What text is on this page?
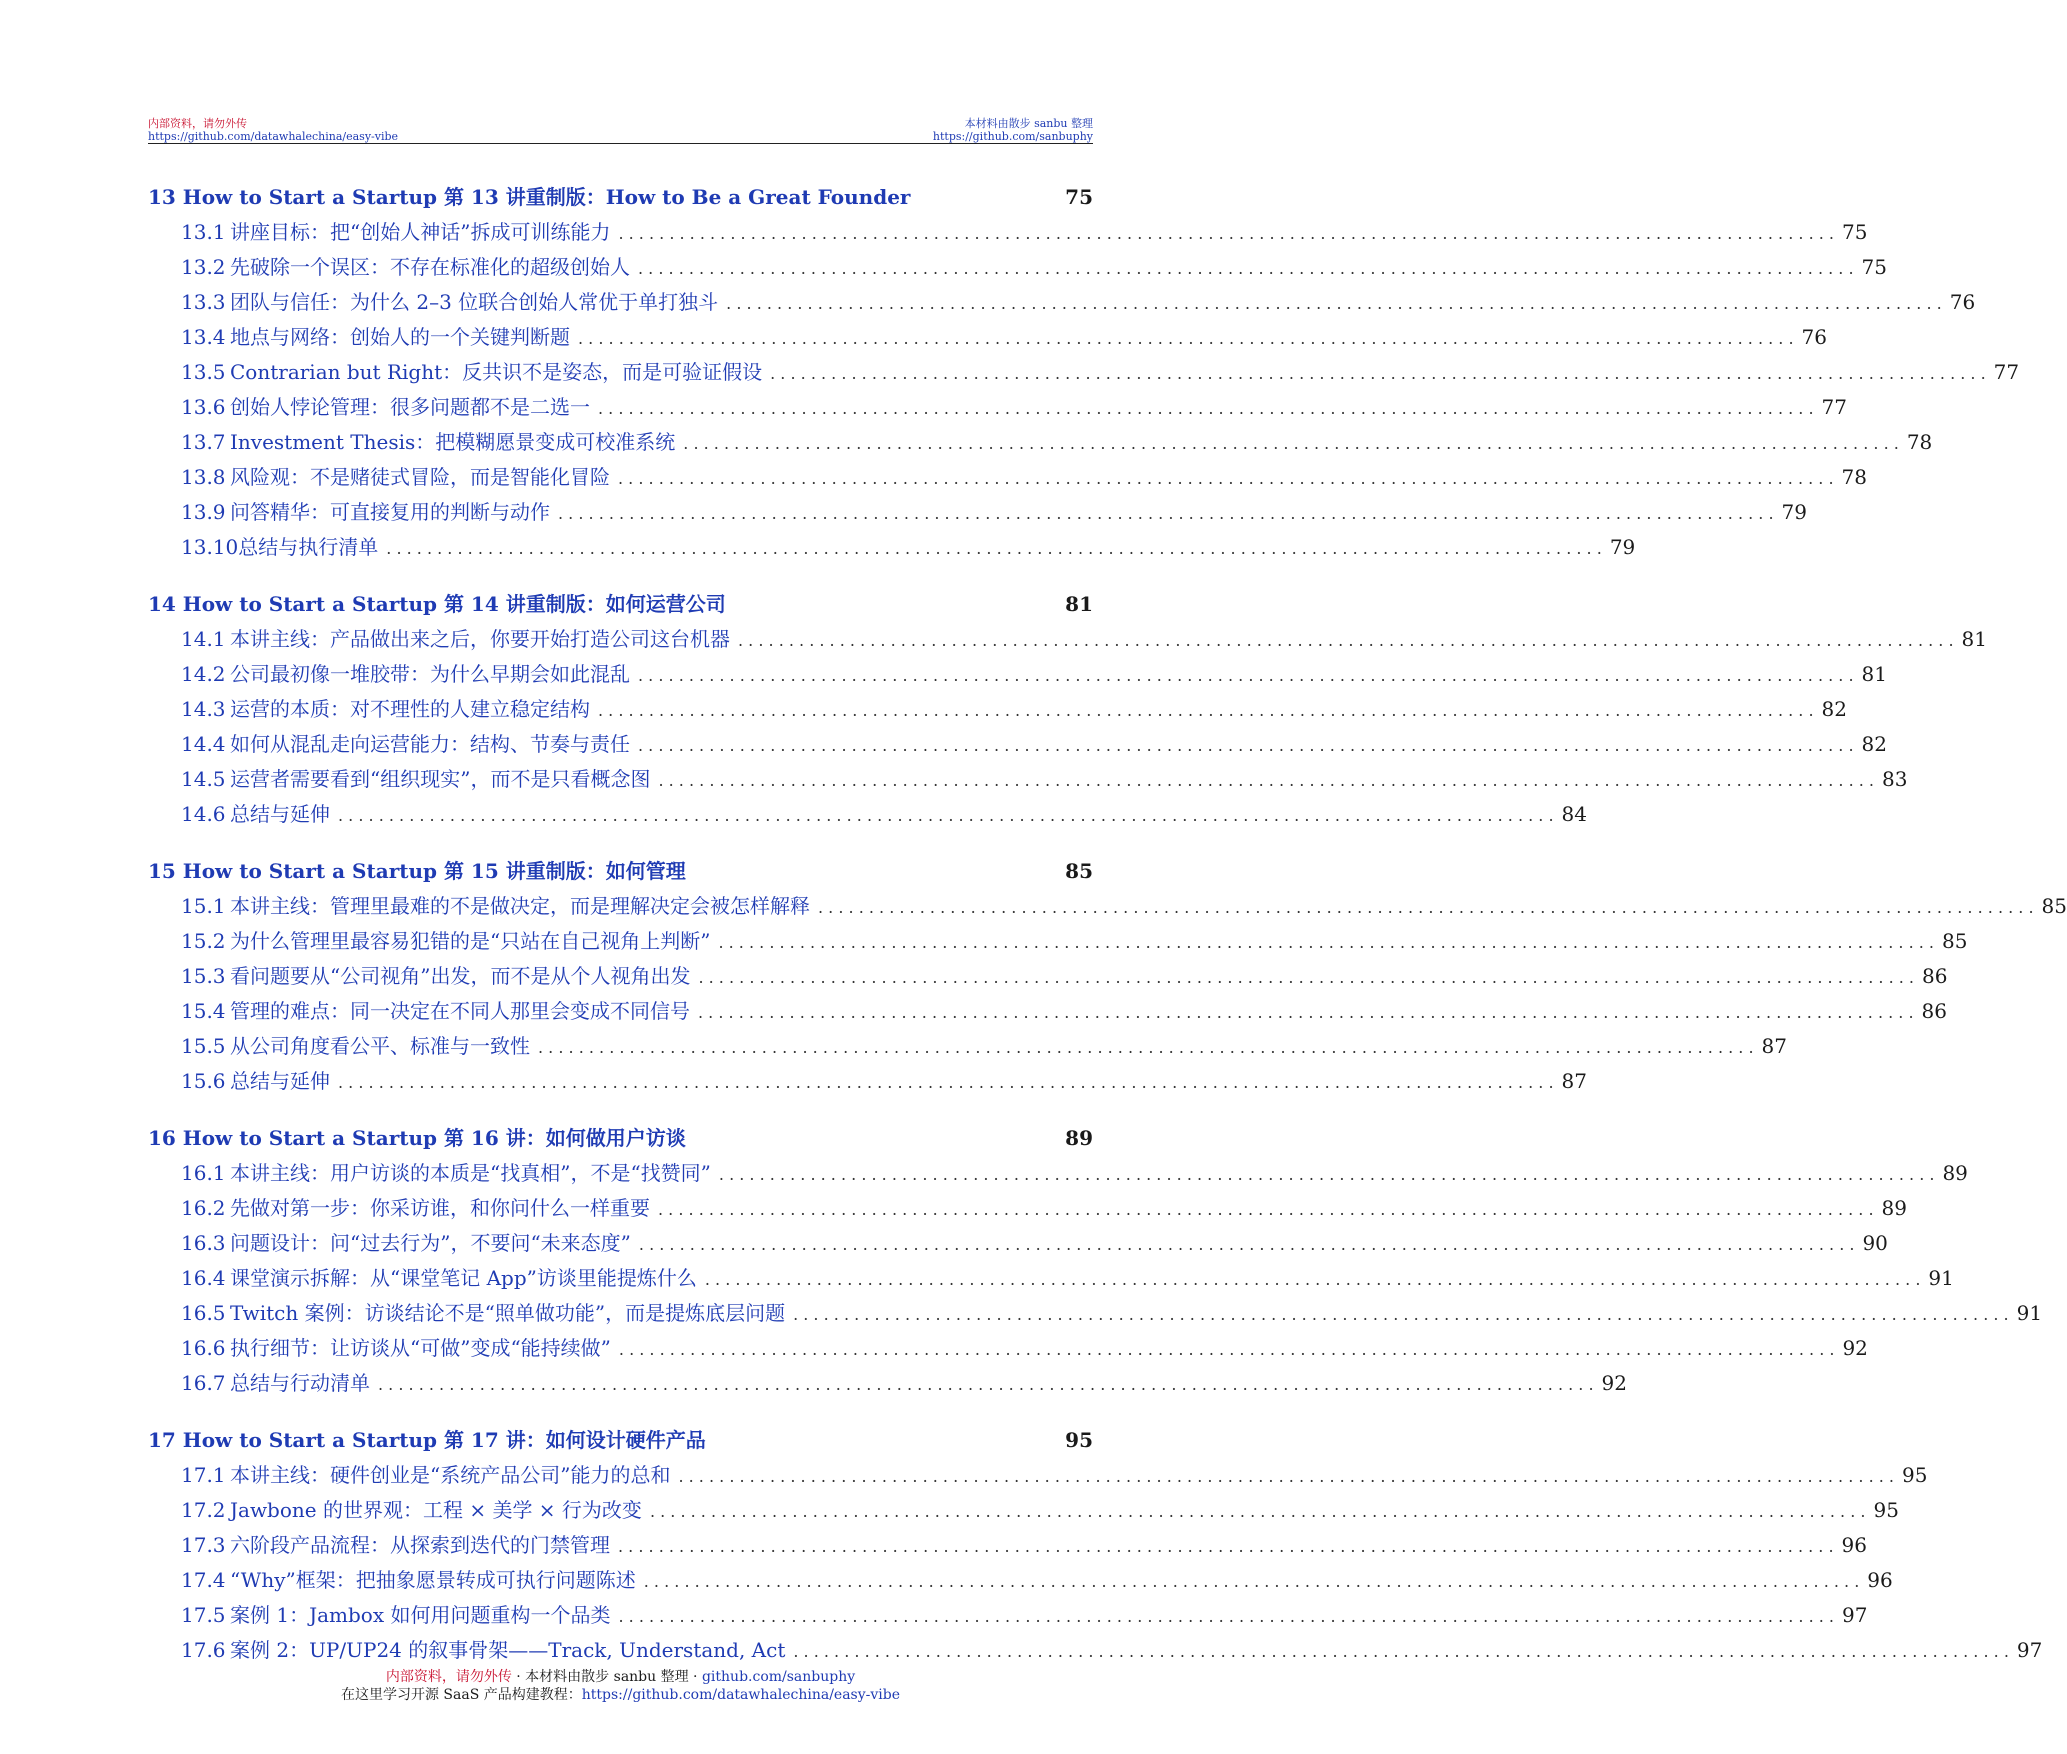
内部资料，请勿外传
https://github.com/datawhalechina/easy-vibe
本材料由散步 sanbu 整理
https://github.com/sanbuphy
13 How to Start a Startup 第 13 讲重制版：How to Be a Great Founder	75
13.1 讲座目标：把“创始人神话”拆成可训练能力 . . . . . . . . . . . . . . . . . . . . . . . . . . . . . . . . . . . . . . . . . . . . . . . . . . . . . . . . . . . . . . . . . . . . . . . . . . . . . . . . . . . . . . . . . . . . . . . . . . . . . . . . . . . . . . . . . . . . . . . . 75
13.2 先破除一个误区：不存在标准化的超级创始人 . . . . . . . . . . . . . . . . . . . . . . . . . . . . . . . . . . . . . . . . . . . . . . . . . . . . . . . . . . . . . . . . . . . . . . . . . . . . . . . . . . . . . . . . . . . . . . . . . . . . . . . . . . . . . . . . . . . . . . . . 75
13.3 团队与信任：为什么 2–3 位联合创始人常优于单打独斗 . . . . . . . . . . . . . . . . . . . . . . . . . . . . . . . . . . . . . . . . . . . . . . . . . . . . . . . . . . . . . . . . . . . . . . . . . . . . . . . . . . . . . . . . . . . . . . . . . . . . . . . . . . . . . . . . . . . . . . . . 76
13.4 地点与网络：创始人的一个关键判断题 . . . . . . . . . . . . . . . . . . . . . . . . . . . . . . . . . . . . . . . . . . . . . . . . . . . . . . . . . . . . . . . . . . . . . . . . . . . . . . . . . . . . . . . . . . . . . . . . . . . . . . . . . . . . . . . . . . . . . . . . 76
13.5 Contrarian but Right：反共识不是姿态，而是可验证假设 . . . . . . . . . . . . . . . . . . . . . . . . . . . . . . . . . . . . . . . . . . . . . . . . . . . . . . . . . . . . . . . . . . . . . . . . . . . . . . . . . . . . . . . . . . . . . . . . . . . . . . . . . . . . . . . . . . . . . . . . 77
13.6 创始人悖论管理：很多问题都不是二选一 . . . . . . . . . . . . . . . . . . . . . . . . . . . . . . . . . . . . . . . . . . . . . . . . . . . . . . . . . . . . . . . . . . . . . . . . . . . . . . . . . . . . . . . . . . . . . . . . . . . . . . . . . . . . . . . . . . . . . . . . 77
13.7 Investment Thesis：把模糊愿景变成可校准系统 . . . . . . . . . . . . . . . . . . . . . . . . . . . . . . . . . . . . . . . . . . . . . . . . . . . . . . . . . . . . . . . . . . . . . . . . . . . . . . . . . . . . . . . . . . . . . . . . . . . . . . . . . . . . . . . . . . . . . . . . 78
13.8 风险观：不是赌徒式冒险，而是智能化冒险 . . . . . . . . . . . . . . . . . . . . . . . . . . . . . . . . . . . . . . . . . . . . . . . . . . . . . . . . . . . . . . . . . . . . . . . . . . . . . . . . . . . . . . . . . . . . . . . . . . . . . . . . . . . . . . . . . . . . . . . . 78
13.9 问答精华：可直接复用的判断与动作 . . . . . . . . . . . . . . . . . . . . . . . . . . . . . . . . . . . . . . . . . . . . . . . . . . . . . . . . . . . . . . . . . . . . . . . . . . . . . . . . . . . . . . . . . . . . . . . . . . . . . . . . . . . . . . . . . . . . . . . . 79
13.10总结与执行清单 . . . . . . . . . . . . . . . . . . . . . . . . . . . . . . . . . . . . . . . . . . . . . . . . . . . . . . . . . . . . . . . . . . . . . . . . . . . . . . . . . . . . . . . . . . . . . . . . . . . . . . . . . . . . . . . . . . . . . . . . 79
14 How to Start a Startup 第 14 讲重制版：如何运营公司	81
14.1 本讲主线：产品做出来之后，你要开始打造公司这台机器 . . . . . . . . . . . . . . . . . . . . . . . . . . . . . . . . . . . . . . . . . . . . . . . . . . . . . . . . . . . . . . . . . . . . . . . . . . . . . . . . . . . . . . . . . . . . . . . . . . . . . . . . . . . . . . . . . . . . . . . . 81
14.2 公司最初像一堆胶带：为什么早期会如此混乱 . . . . . . . . . . . . . . . . . . . . . . . . . . . . . . . . . . . . . . . . . . . . . . . . . . . . . . . . . . . . . . . . . . . . . . . . . . . . . . . . . . . . . . . . . . . . . . . . . . . . . . . . . . . . . . . . . . . . . . . . 81
14.3 运营的本质：对不理性的人建立稳定结构 . . . . . . . . . . . . . . . . . . . . . . . . . . . . . . . . . . . . . . . . . . . . . . . . . . . . . . . . . . . . . . . . . . . . . . . . . . . . . . . . . . . . . . . . . . . . . . . . . . . . . . . . . . . . . . . . . . . . . . . . 82
14.4 如何从混乱走向运营能力：结构、节奏与责任 . . . . . . . . . . . . . . . . . . . . . . . . . . . . . . . . . . . . . . . . . . . . . . . . . . . . . . . . . . . . . . . . . . . . . . . . . . . . . . . . . . . . . . . . . . . . . . . . . . . . . . . . . . . . . . . . . . . . . . . . 82
14.5 运营者需要看到“组织现实”，而不是只看概念图 . . . . . . . . . . . . . . . . . . . . . . . . . . . . . . . . . . . . . . . . . . . . . . . . . . . . . . . . . . . . . . . . . . . . . . . . . . . . . . . . . . . . . . . . . . . . . . . . . . . . . . . . . . . . . . . . . . . . . . . . 83
14.6 总结与延伸 . . . . . . . . . . . . . . . . . . . . . . . . . . . . . . . . . . . . . . . . . . . . . . . . . . . . . . . . . . . . . . . . . . . . . . . . . . . . . . . . . . . . . . . . . . . . . . . . . . . . . . . . . . . . . . . . . . . . . . . . 84
15 How to Start a Startup 第 15 讲重制版：如何管理	85
15.1 本讲主线：管理里最难的不是做决定，而是理解决定会被怎样解释 . . . . . . . . . . . . . . . . . . . . . . . . . . . . . . . . . . . . . . . . . . . . . . . . . . . . . . . . . . . . . . . . . . . . . . . . . . . . . . . . . . . . . . . . . . . . . . . . . . . . . . . . . . . . . . . . . . . . . . . . 85
15.2 为什么管理里最容易犯错的是“只站在自己视角上判断” . . . . . . . . . . . . . . . . . . . . . . . . . . . . . . . . . . . . . . . . . . . . . . . . . . . . . . . . . . . . . . . . . . . . . . . . . . . . . . . . . . . . . . . . . . . . . . . . . . . . . . . . . . . . . . . . . . . . . . . . 85
15.3 看问题要从“公司视角”出发，而不是从个人视角出发 . . . . . . . . . . . . . . . . . . . . . . . . . . . . . . . . . . . . . . . . . . . . . . . . . . . . . . . . . . . . . . . . . . . . . . . . . . . . . . . . . . . . . . . . . . . . . . . . . . . . . . . . . . . . . . . . . . . . . . . . 86
15.4 管理的难点：同一决定在不同人那里会变成不同信号 . . . . . . . . . . . . . . . . . . . . . . . . . . . . . . . . . . . . . . . . . . . . . . . . . . . . . . . . . . . . . . . . . . . . . . . . . . . . . . . . . . . . . . . . . . . . . . . . . . . . . . . . . . . . . . . . . . . . . . . . 86
15.5 从公司角度看公平、标准与一致性 . . . . . . . . . . . . . . . . . . . . . . . . . . . . . . . . . . . . . . . . . . . . . . . . . . . . . . . . . . . . . . . . . . . . . . . . . . . . . . . . . . . . . . . . . . . . . . . . . . . . . . . . . . . . . . . . . . . . . . . . 87
15.6 总结与延伸 . . . . . . . . . . . . . . . . . . . . . . . . . . . . . . . . . . . . . . . . . . . . . . . . . . . . . . . . . . . . . . . . . . . . . . . . . . . . . . . . . . . . . . . . . . . . . . . . . . . . . . . . . . . . . . . . . . . . . . . . 87
16 How to Start a Startup 第 16 讲：如何做用户访谈	89
16.1 本讲主线：用户访谈的本质是“找真相”，不是“找赞同” . . . . . . . . . . . . . . . . . . . . . . . . . . . . . . . . . . . . . . . . . . . . . . . . . . . . . . . . . . . . . . . . . . . . . . . . . . . . . . . . . . . . . . . . . . . . . . . . . . . . . . . . . . . . . . . . . . . . . . . . 89
16.2 先做对第一步：你采访谁，和你问什么一样重要 . . . . . . . . . . . . . . . . . . . . . . . . . . . . . . . . . . . . . . . . . . . . . . . . . . . . . . . . . . . . . . . . . . . . . . . . . . . . . . . . . . . . . . . . . . . . . . . . . . . . . . . . . . . . . . . . . . . . . . . . 89
16.3 问题设计：问“过去行为”，不要问“未来态度” . . . . . . . . . . . . . . . . . . . . . . . . . . . . . . . . . . . . . . . . . . . . . . . . . . . . . . . . . . . . . . . . . . . . . . . . . . . . . . . . . . . . . . . . . . . . . . . . . . . . . . . . . . . . . . . . . . . . . . . . 90
16.4 课堂演示拆解：从“课堂笔记 App”访谈里能提炼什么 . . . . . . . . . . . . . . . . . . . . . . . . . . . . . . . . . . . . . . . . . . . . . . . . . . . . . . . . . . . . . . . . . . . . . . . . . . . . . . . . . . . . . . . . . . . . . . . . . . . . . . . . . . . . . . . . . . . . . . . . 91
16.5 Twitch 案例：访谈结论不是“照单做功能”，而是提炼底层问题 . . . . . . . . . . . . . . . . . . . . . . . . . . . . . . . . . . . . . . . . . . . . . . . . . . . . . . . . . . . . . . . . . . . . . . . . . . . . . . . . . . . . . . . . . . . . . . . . . . . . . . . . . . . . . . . . . . . . . . . . 91
16.6 执行细节：让访谈从“可做”变成“能持续做” . . . . . . . . . . . . . . . . . . . . . . . . . . . . . . . . . . . . . . . . . . . . . . . . . . . . . . . . . . . . . . . . . . . . . . . . . . . . . . . . . . . . . . . . . . . . . . . . . . . . . . . . . . . . . . . . . . . . . . . . 92
16.7 总结与行动清单 . . . . . . . . . . . . . . . . . . . . . . . . . . . . . . . . . . . . . . . . . . . . . . . . . . . . . . . . . . . . . . . . . . . . . . . . . . . . . . . . . . . . . . . . . . . . . . . . . . . . . . . . . . . . . . . . . . . . . . . . 92
17 How to Start a Startup 第 17 讲：如何设计硬件产品	95
17.1 本讲主线：硬件创业是“系统产品公司”能力的总和 . . . . . . . . . . . . . . . . . . . . . . . . . . . . . . . . . . . . . . . . . . . . . . . . . . . . . . . . . . . . . . . . . . . . . . . . . . . . . . . . . . . . . . . . . . . . . . . . . . . . . . . . . . . . . . . . . . . . . . . . 95
17.2 Jawbone 的世界观：工程 × 美学 × 行为改变 . . . . . . . . . . . . . . . . . . . . . . . . . . . . . . . . . . . . . . . . . . . . . . . . . . . . . . . . . . . . . . . . . . . . . . . . . . . . . . . . . . . . . . . . . . . . . . . . . . . . . . . . . . . . . . . . . . . . . . . . 95
17.3 六阶段产品流程：从探索到迭代的门禁管理 . . . . . . . . . . . . . . . . . . . . . . . . . . . . . . . . . . . . . . . . . . . . . . . . . . . . . . . . . . . . . . . . . . . . . . . . . . . . . . . . . . . . . . . . . . . . . . . . . . . . . . . . . . . . . . . . . . . . . . . . 96
17.4 “Why”框架：把抽象愿景转成可执行问题陈述 . . . . . . . . . . . . . . . . . . . . . . . . . . . . . . . . . . . . . . . . . . . . . . . . . . . . . . . . . . . . . . . . . . . . . . . . . . . . . . . . . . . . . . . . . . . . . . . . . . . . . . . . . . . . . . . . . . . . . . . . 96
17.5 案例 1：Jambox 如何用问题重构一个品类 . . . . . . . . . . . . . . . . . . . . . . . . . . . . . . . . . . . . . . . . . . . . . . . . . . . . . . . . . . . . . . . . . . . . . . . . . . . . . . . . . . . . . . . . . . . . . . . . . . . . . . . . . . . . . . . . . . . . . . . . 97
17.6 案例 2：UP/UP24 的叙事骨架——Track, Understand, Act . . . . . . . . . . . . . . . . . . . . . . . . . . . . . . . . . . . . . . . . . . . . . . . . . . . . . . . . . . . . . . . . . . . . . . . . . . . . . . . . . . . . . . . . . . . . . . . . . . . . . . . . . . . . . . . . . . . . . . . . 97
内部资料，请勿外传 · 本材料由散步 sanbu 整理 · github.com/sanbuphy
在这里学习开源 SaaS 产品构建教程：https://github.com/datawhalechina/easy-vibe
